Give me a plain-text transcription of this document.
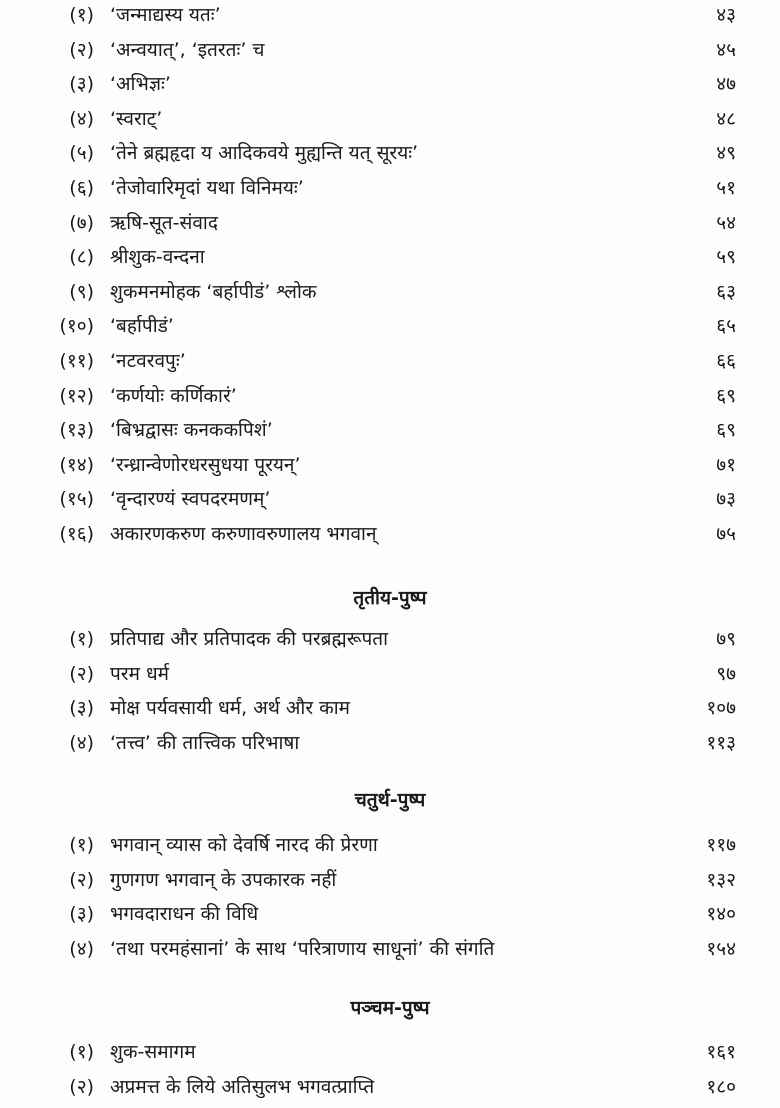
(१) ‘जन्माद्यस्य यतः’	४३
(२) ‘अन्वयात्’, ‘इतरतः’ च	४५
(३) ‘अभिज्ञः’	४७
(४) ‘स्वराट्’	४८
(५) ‘तेने ब्रह्महृदा य आदिकवये मुह्यन्ति यत् सूरयः’	४९
(६) ‘तेजोवारिमृदां यथा विनिमयः’	५१
(७) ऋषि-सूत-संवाद	५४
(८) श्रीशुक-वन्दना	५९
(९) शुकमनमोहक ‘बर्हापीडं’ श्लोक	६३
(१०) ‘बर्हापीडं’	६५
(११) ‘नटवरवपुः’	६६
(१२) ‘कर्णयोः कर्णिकारं’	६९
(१३) ‘बिभ्रद्वासः कनककपिशं’	६९
(१४) ‘रन्ध्रान्वेणोरधरसुधया पूरयन्’	७१
(१५) ‘वृन्दारण्यं स्वपदरमणम्’	७३
(१६) अकारणकरुण करुणावरुणालय भगवान्	७५
तृतीय-पुष्प
(१) प्रतिपाद्य और प्रतिपादक की परब्रह्मरूपता	७९
(२) परम धर्म	९७
(३) मोक्ष पर्यवसायी धर्म, अर्थ और काम	१०७
(४) ‘तत्त्व’ की तात्त्विक परिभाषा	११३
चतुर्थ-पुष्प
(१) भगवान् व्यास को देवर्षि नारद की प्रेरणा	११७
(२) गुणगण भगवान् के उपकारक नहीं	१३२
(३) भगवदाराधन की विधि	१४०
(४) ‘तथा परमहंसानां’ के साथ ‘परित्राणाय साधूनां’ की संगति	१५४
पञ्चम-पुष्प
(१) शुक-समागम	१६१
(२) अप्रमत्त के लिये अतिसुलभ भगवत्प्राप्ति	१८०
